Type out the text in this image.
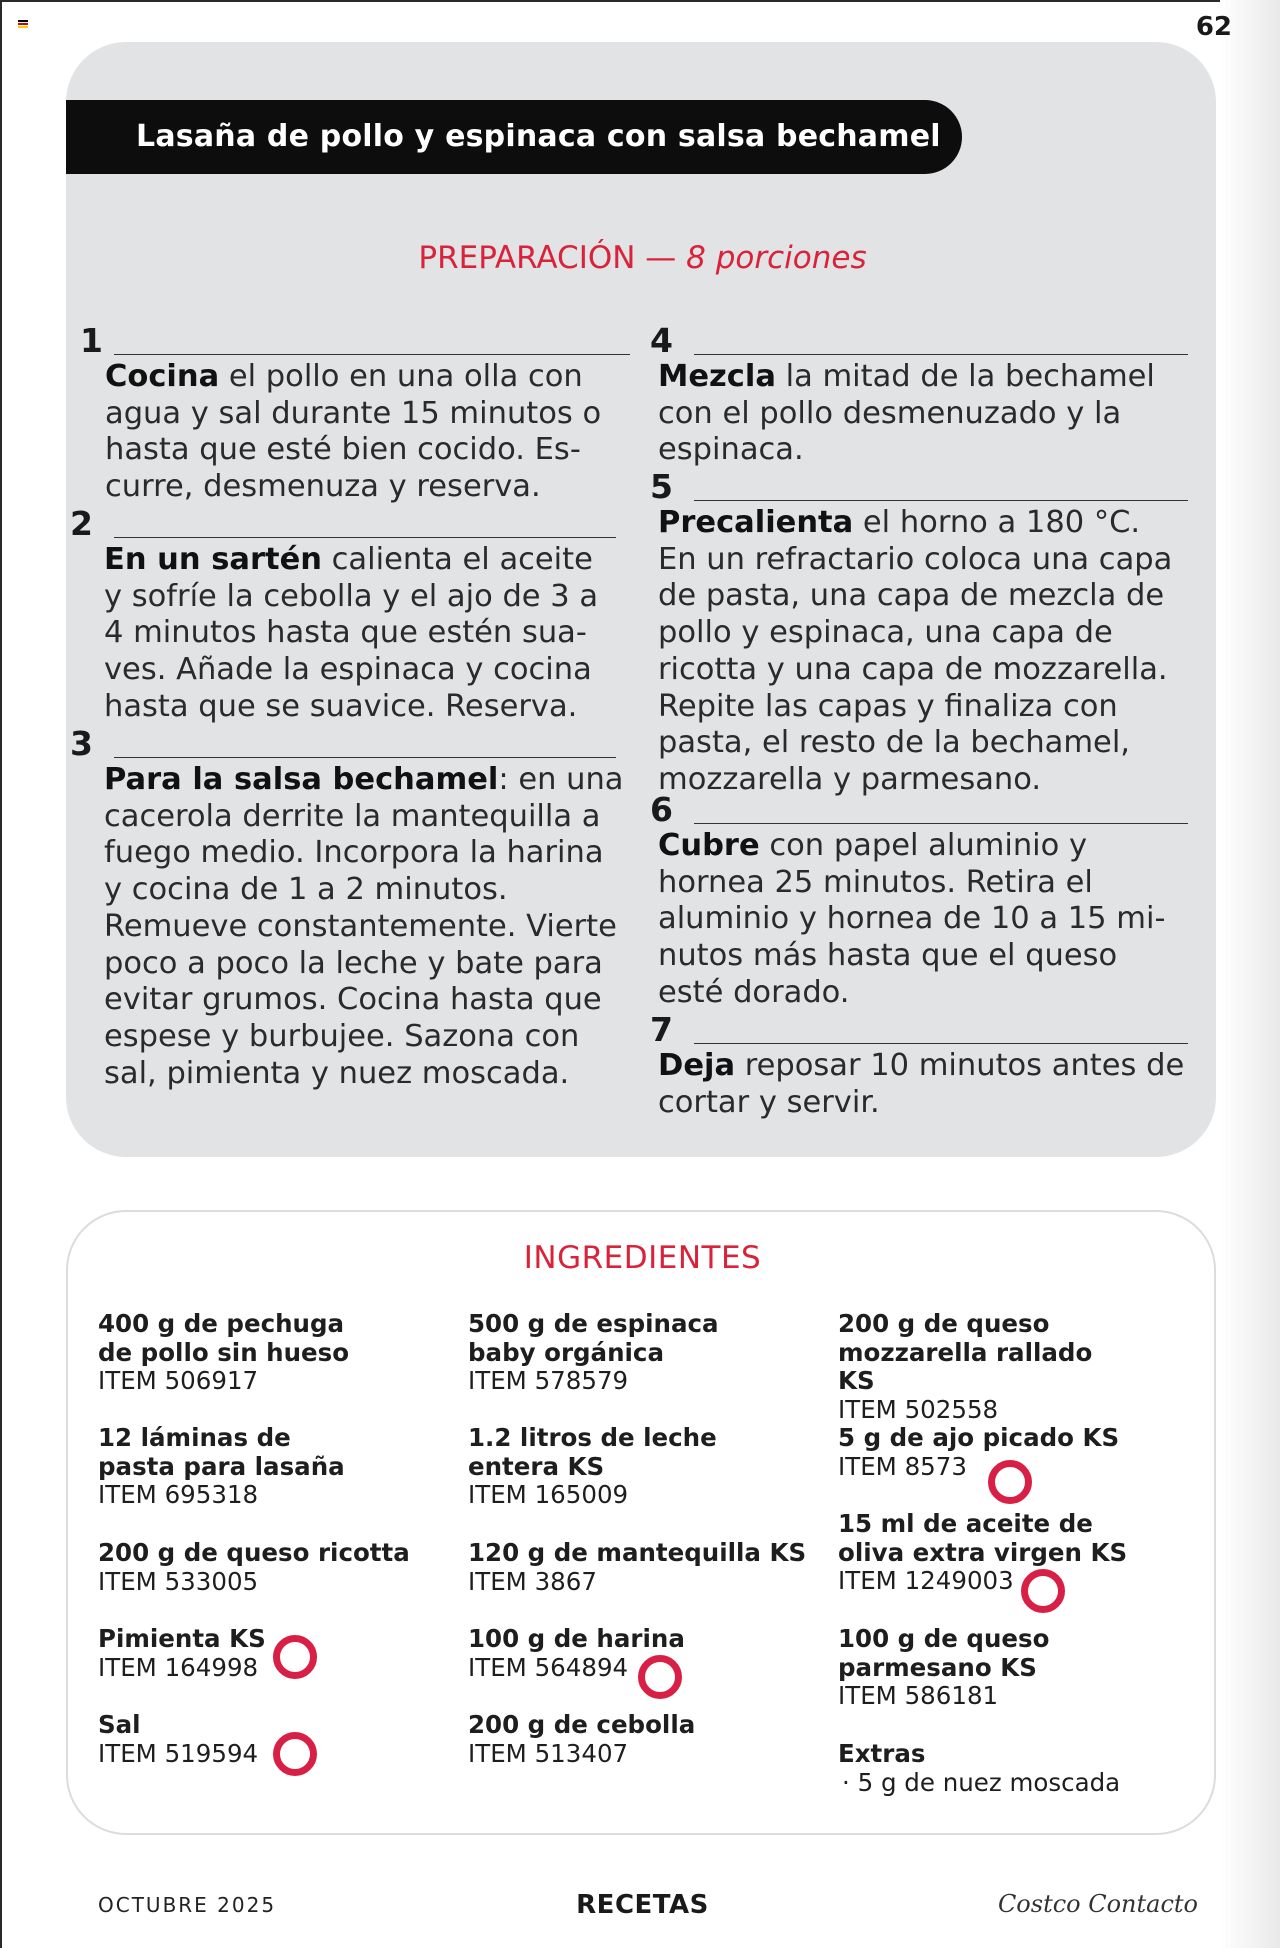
62
Lasaña de pollo y espinaca con salsa bechamel
PREPARACIÓN — 8 porciones
1
Cocina el pollo en una olla con agua y sal durante 15 minutos o hasta que esté bien cocido. Escurre, desmenuza y reserva.
2
En un sartén calienta el aceite y sofríe la cebolla y el ajo de 3 a 4 minutos hasta que estén suaves. Añade la espinaca y cocina hasta que se suavice. Reserva.
3
Para la salsa bechamel: en una cacerola derrite la mantequilla a fuego medio. Incorpora la harina y cocina de 1 a 2 minutos. Remueve constantemente. Vierte poco a poco la leche y bate para evitar grumos. Cocina hasta que espese y burbujee. Sazona con sal, pimienta y nuez moscada.
4
Mezcla la mitad de la bechamel con el pollo desmenuzado y la espinaca.
5
Precalienta el horno a 180 °C. En un refractario coloca una capa de pasta, una capa de mezcla de pollo y espinaca, una capa de ricotta y una capa de mozzarella. Repite las capas y finaliza con pasta, el resto de la bechamel, mozzarella y parmesano.
6
Cubre con papel aluminio y hornea 25 minutos. Retira el aluminio y hornea de 10 a 15 minutos más hasta que el queso esté dorado.
7
Deja reposar 10 minutos antes de cortar y servir.
INGREDIENTES
400 g de pechuga de pollo sin hueso
ITEM 506917
12 láminas de pasta para lasaña
ITEM 695318
200 g de queso ricotta
ITEM 533005
Pimienta KS
ITEM 164998
Sal
ITEM 519594
500 g de espinaca baby orgánica
ITEM 578579
1.2 litros de leche entera KS
ITEM 165009
120 g de mantequilla KS
ITEM 3867
100 g de harina
ITEM 564894
200 g de cebolla
ITEM 513407
200 g de queso mozzarella rallado KS
ITEM 502558
5 g de ajo picado KS
ITEM 8573
15 ml de aceite de oliva extra virgen KS
ITEM 1249003
100 g de queso parmesano KS
ITEM 586181
Extras
· 5 g de nuez moscada
OCTUBRE 2025	RECETAS	Costco Contacto
